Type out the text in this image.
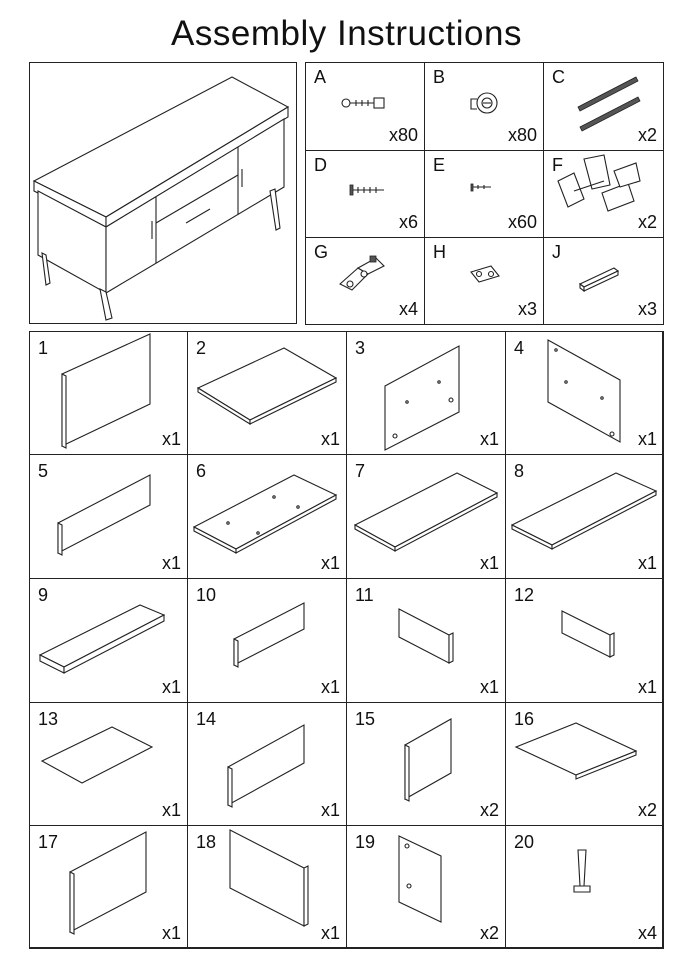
Assembly Instructions
A
x80
B
x80
C
x2
D
x6
E
x60
F
x2
G
x4
H
x3
J
x3
1
x1
2
x1
3
x1
4
x1
5
x1
6
x1
7
x1
8
x1
9
x1
10
x1
11
x1
12
x1
13
x1
14
x1
15
x2
16
x2
17
x1
18
x1
19
x2
20
x4
